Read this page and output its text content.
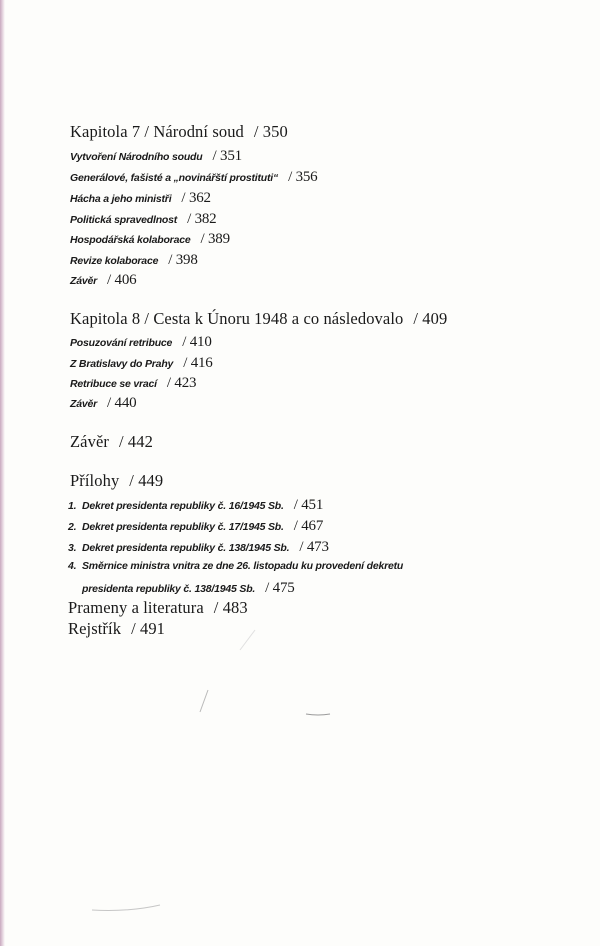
Kapitola 7 / Národní soud / 350
Vytvoření Národního soudu / 351
Generálové, fašisté a „novinářští prostituti“ / 356
Hácha a jeho ministři / 362
Politická spravedlnost / 382
Hospodářská kolaborace / 389
Revize kolaborace / 398
Závěr / 406
Kapitola 8 / Cesta k Únoru 1948 a co následovalo / 409
Posuzování retribuce / 410
Z Bratislavy do Prahy / 416
Retribuce se vrací / 423
Závěr / 440
Závěr / 442
Přílohy / 449
1. Dekret presidenta republiky č. 16/1945 Sb. / 451
2. Dekret presidenta republiky č. 17/1945 Sb. / 467
3. Dekret presidenta republiky č. 138/1945 Sb. / 473
4. Směrnice ministra vnitra ze dne 26. listopadu ku provedení dekretu
presidenta republiky č. 138/1945 Sb. / 475
Prameny a literatura / 483
Rejstřík / 491
